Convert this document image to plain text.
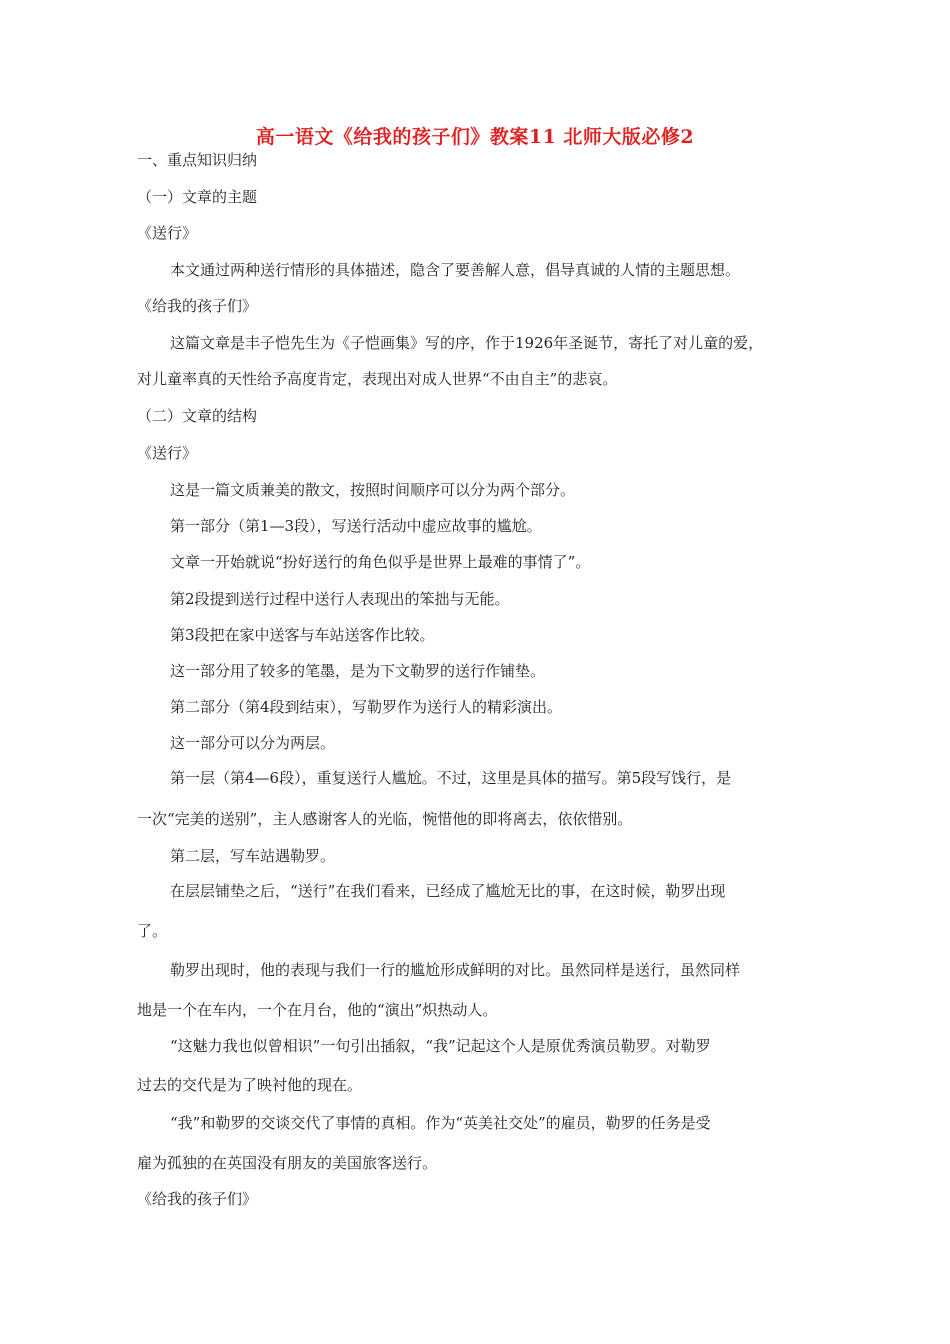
高一语文《给我的孩子们》教案11 北师大版必修2
一、重点知识归纳
（一）文章的主题
《送行》
本文通过两种送行情形的具体描述，隐含了要善解人意，倡导真诚的人情的主题思想。
《给我的孩子们》
这篇文章是丰子恺先生为《子恺画集》写的序，作于1926年圣诞节，寄托了对儿童的爱，
对儿童率真的天性给予高度肯定，表现出对成人世界“不由自主”的悲哀。
（二）文章的结构
《送行》
这是一篇文质兼美的散文，按照时间顺序可以分为两个部分。
第一部分（第1—3段），写送行活动中虚应故事的尴尬。
文章一开始就说“扮好送行的角色似乎是世界上最难的事情了”。
第2段提到送行过程中送行人表现出的笨拙与无能。
第3段把在家中送客与车站送客作比较。
这一部分用了较多的笔墨，是为下文勒罗的送行作铺垫。
第二部分（第4段到结束），写勒罗作为送行人的精彩演出。
这一部分可以分为两层。
第一层（第4—6段），重复送行人尴尬。不过，这里是具体的描写。第5段写饯行，是
一次“完美的送别”，主人感谢客人的光临，惋惜他的即将离去，依依惜别。
第二层，写车站遇勒罗。
在层层铺垫之后，“送行”在我们看来，已经成了尴尬无比的事，在这时候，勒罗出现
了。
勒罗出现时，他的表现与我们一行的尴尬形成鲜明的对比。虽然同样是送行，虽然同样
地是一个在车内，一个在月台，他的“演出”炽热动人。
“这魅力我也似曾相识”一句引出插叙，“我”记起这个人是原优秀演员勒罗。对勒罗
过去的交代是为了映衬他的现在。
“我”和勒罗的交谈交代了事情的真相。作为“英美社交处”的雇员，勒罗的任务是受
雇为孤独的在英国没有朋友的美国旅客送行。
《给我的孩子们》
